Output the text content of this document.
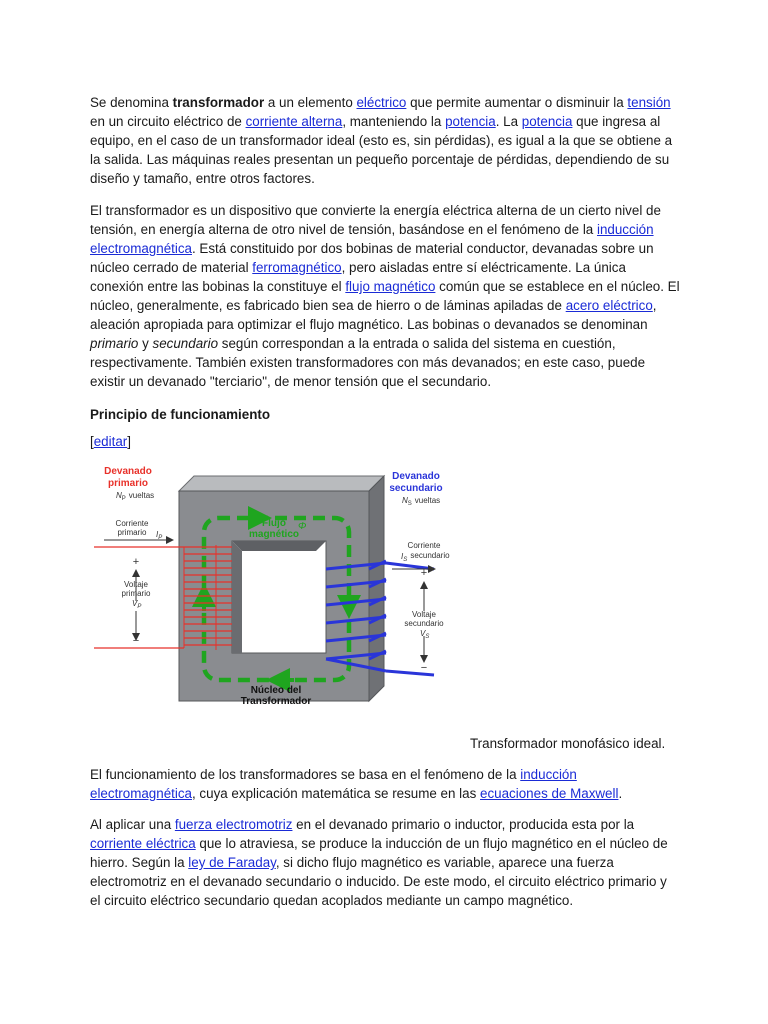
Se denomina transformador a un elemento eléctrico que permite aumentar o disminuir la tensión en un circuito eléctrico de corriente alterna, manteniendo la potencia. La potencia que ingresa al equipo, en el caso de un transformador ideal (esto es, sin pérdidas), es igual a la que se obtiene a la salida. Las máquinas reales presentan un pequeño porcentaje de pérdidas, dependiendo de su diseño y tamaño, entre otros factores.

El transformador es un dispositivo que convierte la energía eléctrica alterna de un cierto nivel de tensión, en energía alterna de otro nivel de tensión, basándose en el fenómeno de la inducción electromagnética. Está constituido por dos bobinas de material conductor, devanadas sobre un núcleo cerrado de material ferromagnético, pero aisladas entre sí eléctricamente. La única conexión entre las bobinas la constituye el flujo magnético común que se establece en el núcleo. El núcleo, generalmente, es fabricado bien sea de hierro o de láminas apiladas de acero eléctrico, aleación apropiada para optimizar el flujo magnético. Las bobinas o devanados se denominan primario y secundario según correspondan a la entrada o salida del sistema en cuestión, respectivamente. También existen transformadores con más devanados; en este caso, puede existir un devanado "terciario", de menor tensión que el secundario.

Principio de funcionamiento

[editar]

Devanado
primario
$N_P$ vueltas
Corriente
primario $I_P$
+
Voltaje
primario
$V_P$
−
Devanado
secundario
$N_S$ vueltas
Corriente
$I_S$ secundario
+
Voltaje
secundario
$V_S$
−
Flujo
magnético
Φ
Núcleo del
Transformador
Transformador monofásico ideal.

El funcionamiento de los transformadores se basa en el fenómeno de la inducción electromagnética, cuya explicación matemática se resume en las ecuaciones de Maxwell.

Al aplicar una fuerza electromotriz en el devanado primario o inductor, producida esta por la corriente eléctrica que lo atraviesa, se produce la inducción de un flujo magnético en el núcleo de hierro. Según la ley de Faraday, si dicho flujo magnético es variable, aparece una fuerza electromotriz en el devanado secundario o inducido. De este modo, el circuito eléctrico primario y el circuito eléctrico secundario quedan acoplados mediante un campo magnético.
